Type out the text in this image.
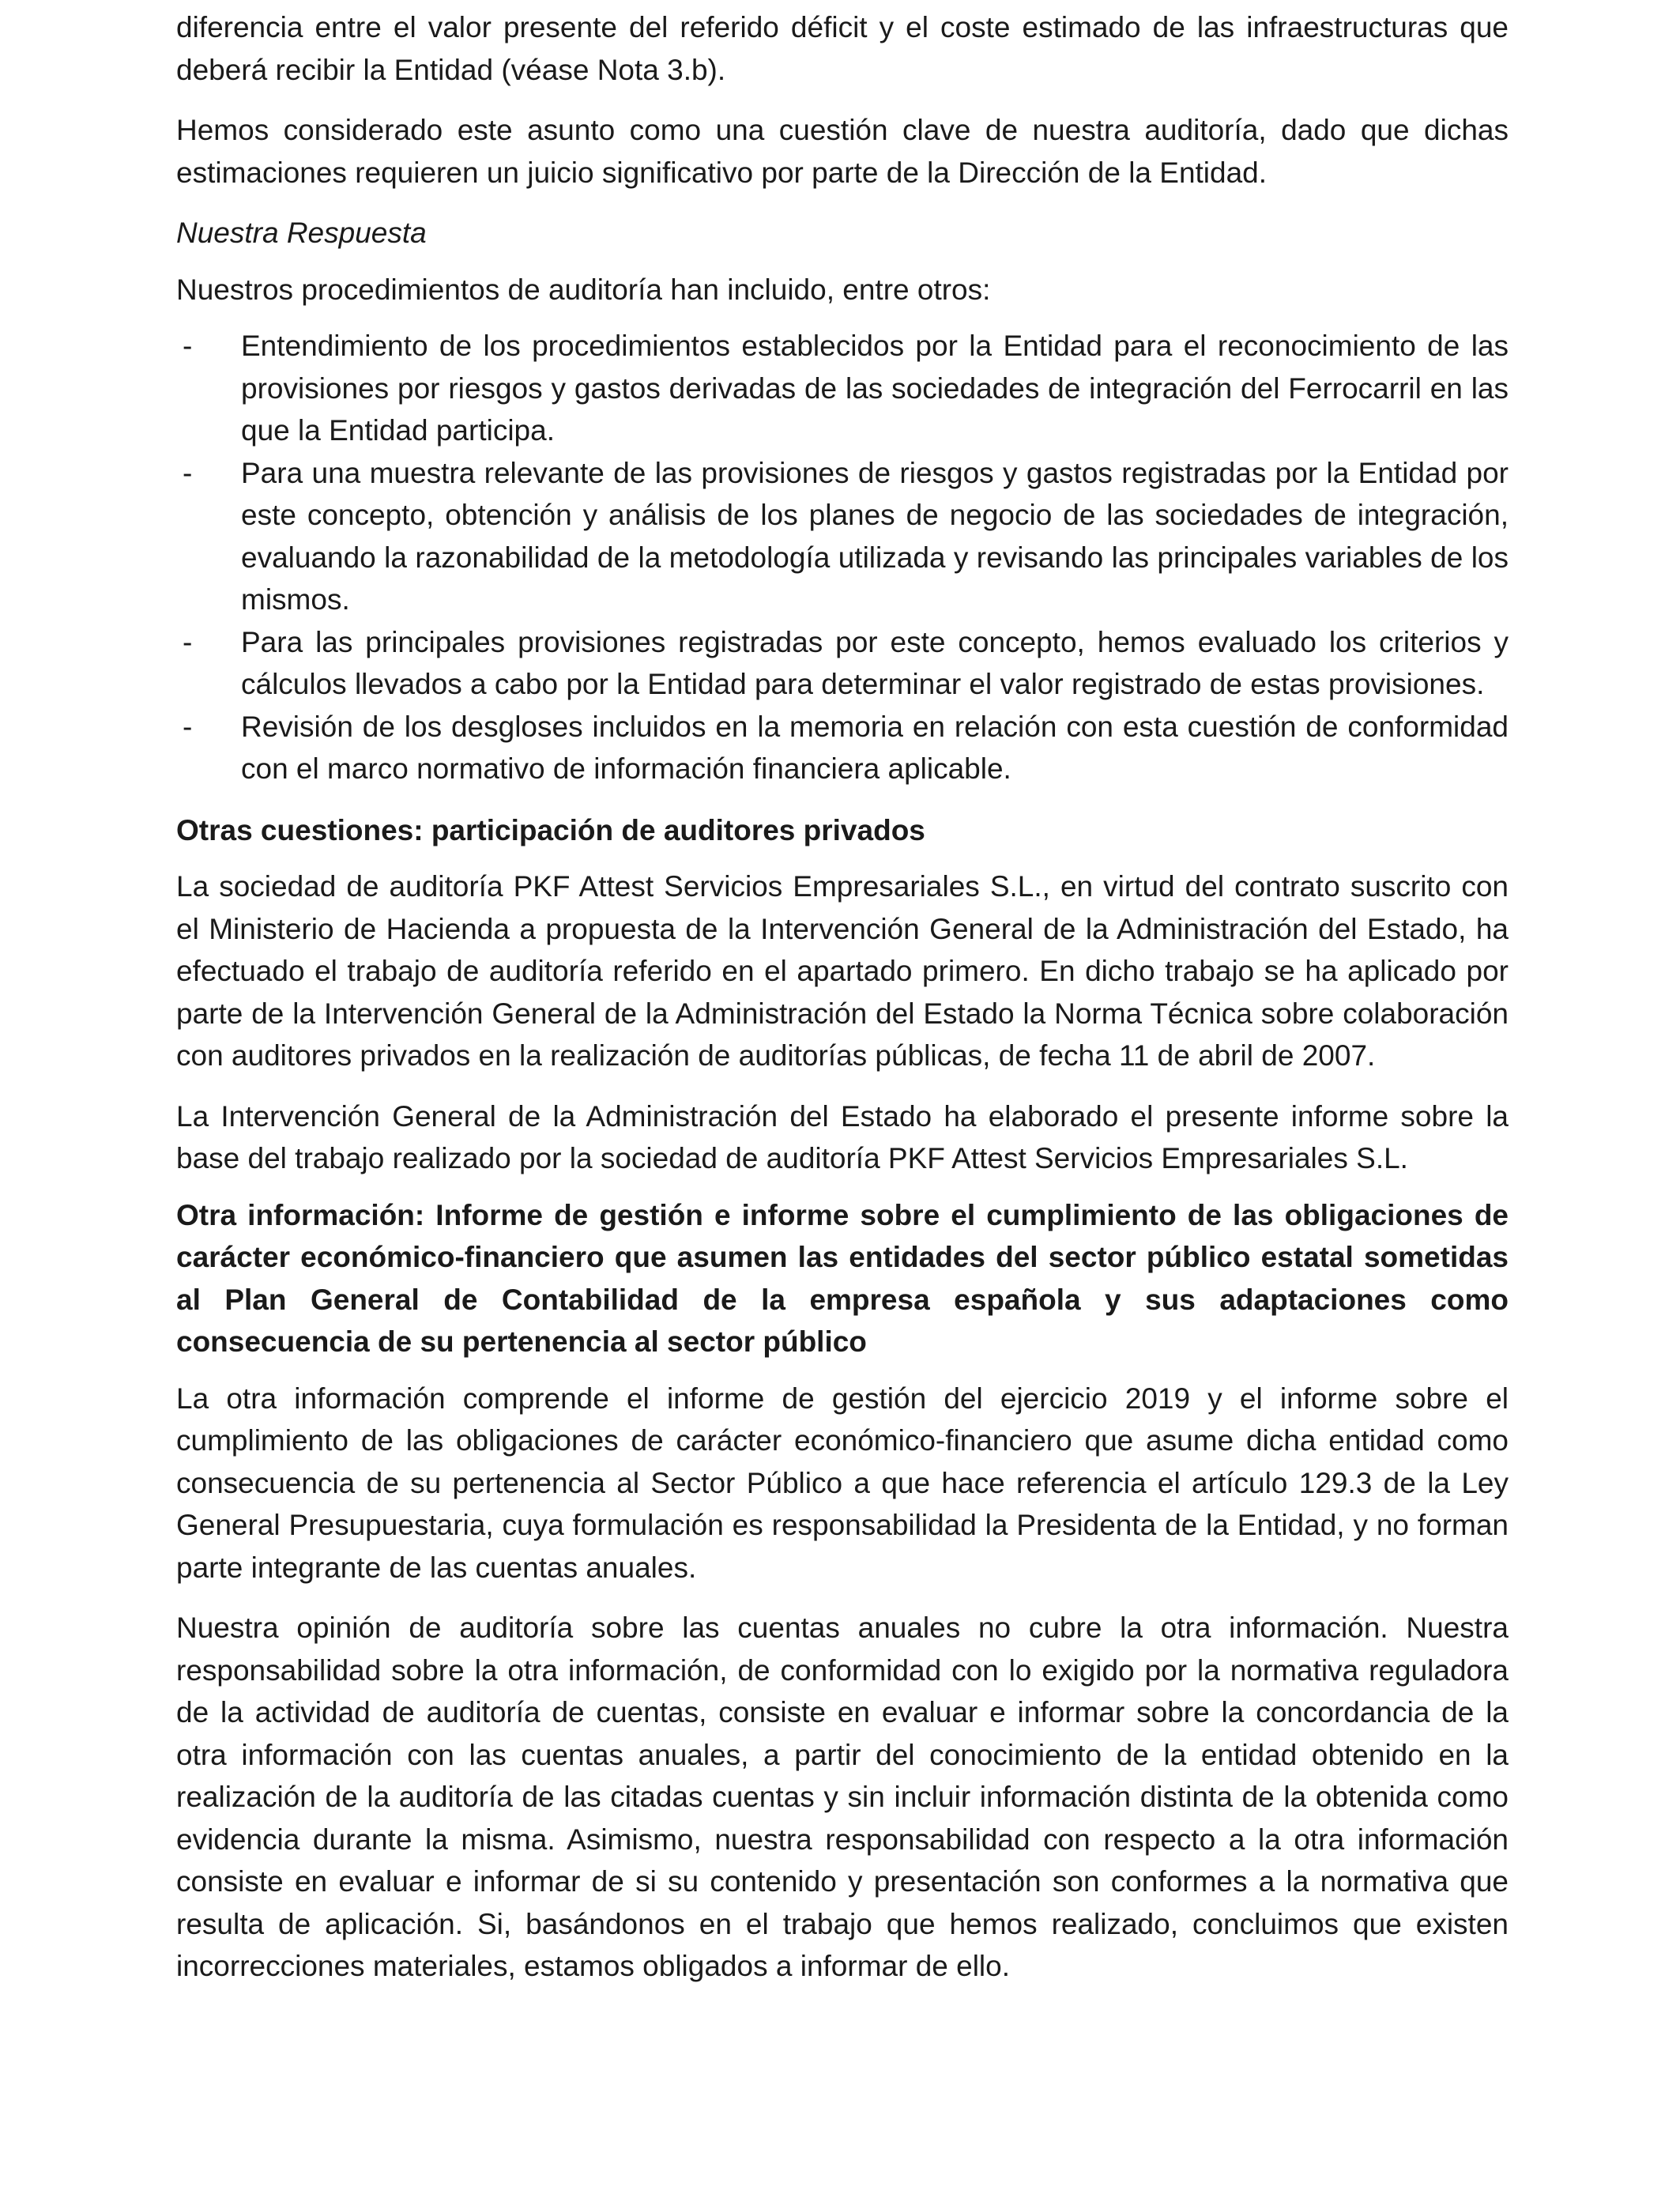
diferencia entre el valor presente del referido déficit y el coste estimado de las infraestructuras que deberá recibir la Entidad (véase Nota 3.b).

Hemos considerado este asunto como una cuestión clave de nuestra auditoría, dado que dichas estimaciones requieren un juicio significativo por parte de la Dirección de la Entidad.

Nuestra Respuesta

Nuestros procedimientos de auditoría han incluido, entre otros:

- Entendimiento de los procedimientos establecidos por la Entidad para el reconocimiento de las provisiones por riesgos y gastos derivadas de las sociedades de integración del Ferrocarril en las que la Entidad participa.
- Para una muestra relevante de las provisiones de riesgos y gastos registradas por la Entidad por este concepto, obtención y análisis de los planes de negocio de las sociedades de integración, evaluando la razonabilidad de la metodología utilizada y revisando las principales variables de los mismos.
- Para las principales provisiones registradas por este concepto, hemos evaluado los criterios y cálculos llevados a cabo por la Entidad para determinar el valor registrado de estas provisiones.
- Revisión de los desgloses incluidos en la memoria en relación con esta cuestión de conformidad con el marco normativo de información financiera aplicable.

Otras cuestiones: participación de auditores privados

La sociedad de auditoría PKF Attest Servicios Empresariales S.L., en virtud del contrato suscrito con el Ministerio de Hacienda a propuesta de la Intervención General de la Administración del Estado, ha efectuado el trabajo de auditoría referido en el apartado primero. En dicho trabajo se ha aplicado por parte de la Intervención General de la Administración del Estado la Norma Técnica sobre colaboración con auditores privados en la realización de auditorías públicas, de fecha 11 de abril de 2007.

La Intervención General de la Administración del Estado ha elaborado el presente informe sobre la base del trabajo realizado por la sociedad de auditoría PKF Attest Servicios Empresariales S.L.

Otra información: Informe de gestión e informe sobre el cumplimiento de las obligaciones de carácter económico-financiero que asumen las entidades del sector público estatal sometidas al Plan General de Contabilidad de la empresa española y sus adaptaciones como consecuencia de su pertenencia al sector público

La otra información comprende el informe de gestión del ejercicio 2019 y el informe sobre el cumplimiento de las obligaciones de carácter económico-financiero que asume dicha entidad como consecuencia de su pertenencia al Sector Público a que hace referencia el artículo 129.3 de la Ley General Presupuestaria, cuya formulación es responsabilidad la Presidenta de la Entidad, y no forman parte integrante de las cuentas anuales.

Nuestra opinión de auditoría sobre las cuentas anuales no cubre la otra información. Nuestra responsabilidad sobre la otra información, de conformidad con lo exigido por la normativa reguladora de la actividad de auditoría de cuentas, consiste en evaluar e informar sobre la concordancia de la otra información con las cuentas anuales, a partir del conocimiento de la entidad obtenido en la realización de la auditoría de las citadas cuentas y sin incluir información distinta de la obtenida como evidencia durante la misma. Asimismo, nuestra responsabilidad con respecto a la otra información consiste en evaluar e informar de si su contenido y presentación son conformes a la normativa que resulta de aplicación. Si, basándonos en el trabajo que hemos realizado, concluimos que existen incorrecciones materiales, estamos obligados a informar de ello.
